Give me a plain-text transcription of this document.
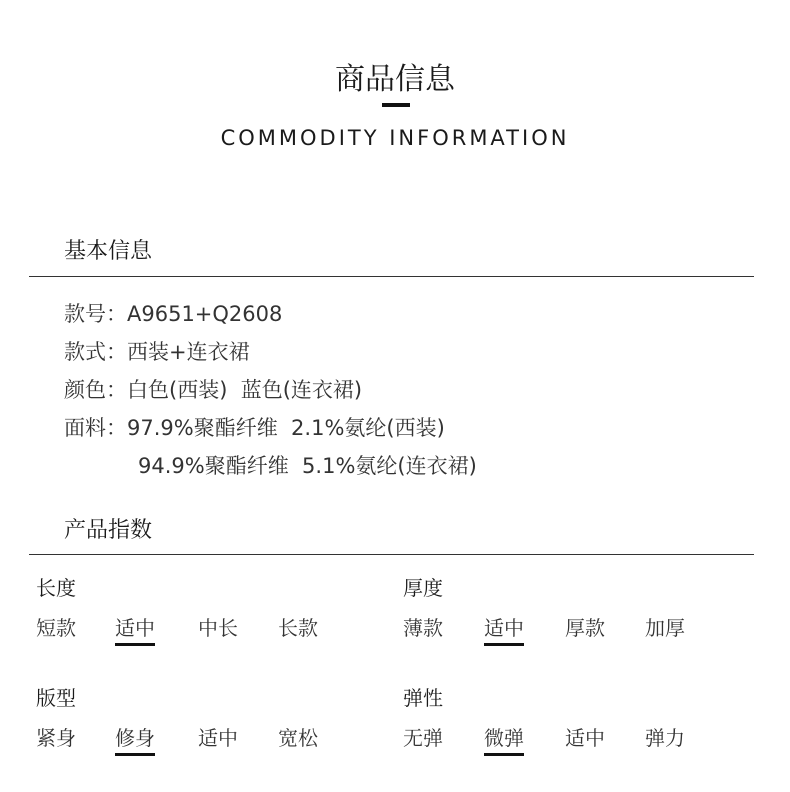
商品信息
COMMODITY INFORMATION
基本信息
款号：A9651+Q2608
款式：西装+连衣裙
颜色：白色(西装)  蓝色(连衣裙)
面料：97.9%聚酯纤维  2.1%氨纶(西装)
94.9%聚酯纤维  5.1%氨纶(连衣裙)
产品指数
长度
短款 适中 中长 长款
厚度
薄款 适中 厚款 加厚
版型
紧身 修身 适中 宽松
弹性
无弹 微弹 适中 弹力
